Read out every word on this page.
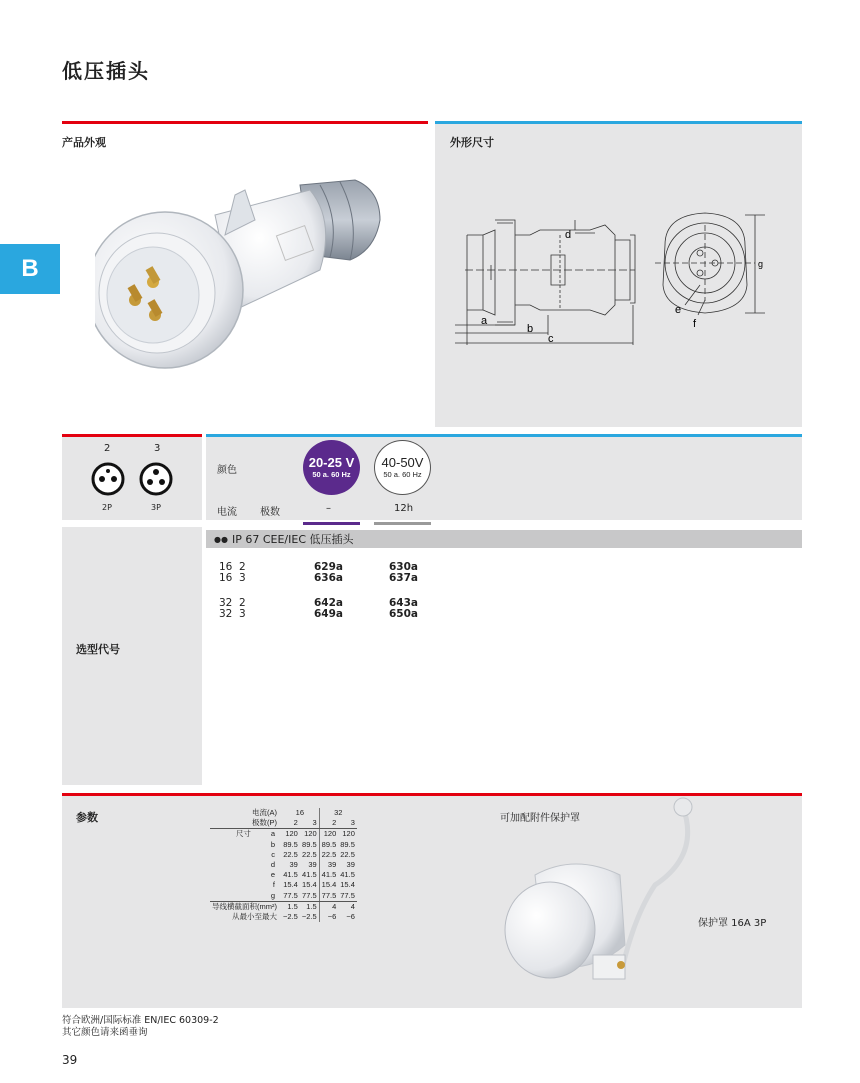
低压插头
B
产品外观	外形尺寸
a
b
c
d
e
f
g
2	3
2P	3P
颜色
电流 极数
20-25 V
50 a. 60 Hz
40-50V
50 a. 60 Hz
–	12h
选型代号
●● IP 67 CEE/IEC 低压插头
16 2	629a	630a
16 3	636a	637a
32 2	642a	643a
32 3	649a	650a
参数	电流(A)		16		32	
极数(P)		2	3	2	3
尺寸	a	120	120	120	120
	b	89.5	89.5	89.5	89.5
	c	22.5	22.5	22.5	22.5
	d	39	39	39	39
	e	41.5	41.5	41.5	41.5
	f	15.4	15.4	15.4	15.4
	g	77.5	77.5	77.5	77.5
导线横截面积(mm²)		1.5	1.5	4	4
从最小至最大		−2.5	−2.5	−6	−6
可加配附件保护罩
保护罩 16A 3P
符合欧洲/国际标准 EN/IEC 60309-2
其它颜色请来函垂询
39
